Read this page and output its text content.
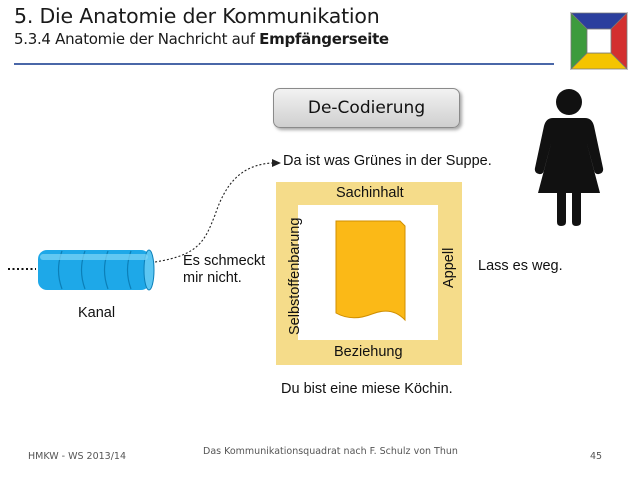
5. Die Anatomie der Kommunikation
5.3.4 Anatomie der Nachricht auf Empfängerseite
De-Codierung
Da ist was Grünes in der Suppe.
Sachinhalt
Beziehung
Selbstoffenbarung	Appell Lass es weg.
Du bist eine miese Köchin.
Es schmeckt
mir nicht.
Kanal
HMKW - WS 2013/14	Das Kommunikationsquadrat nach F. Schulz von Thun	45
